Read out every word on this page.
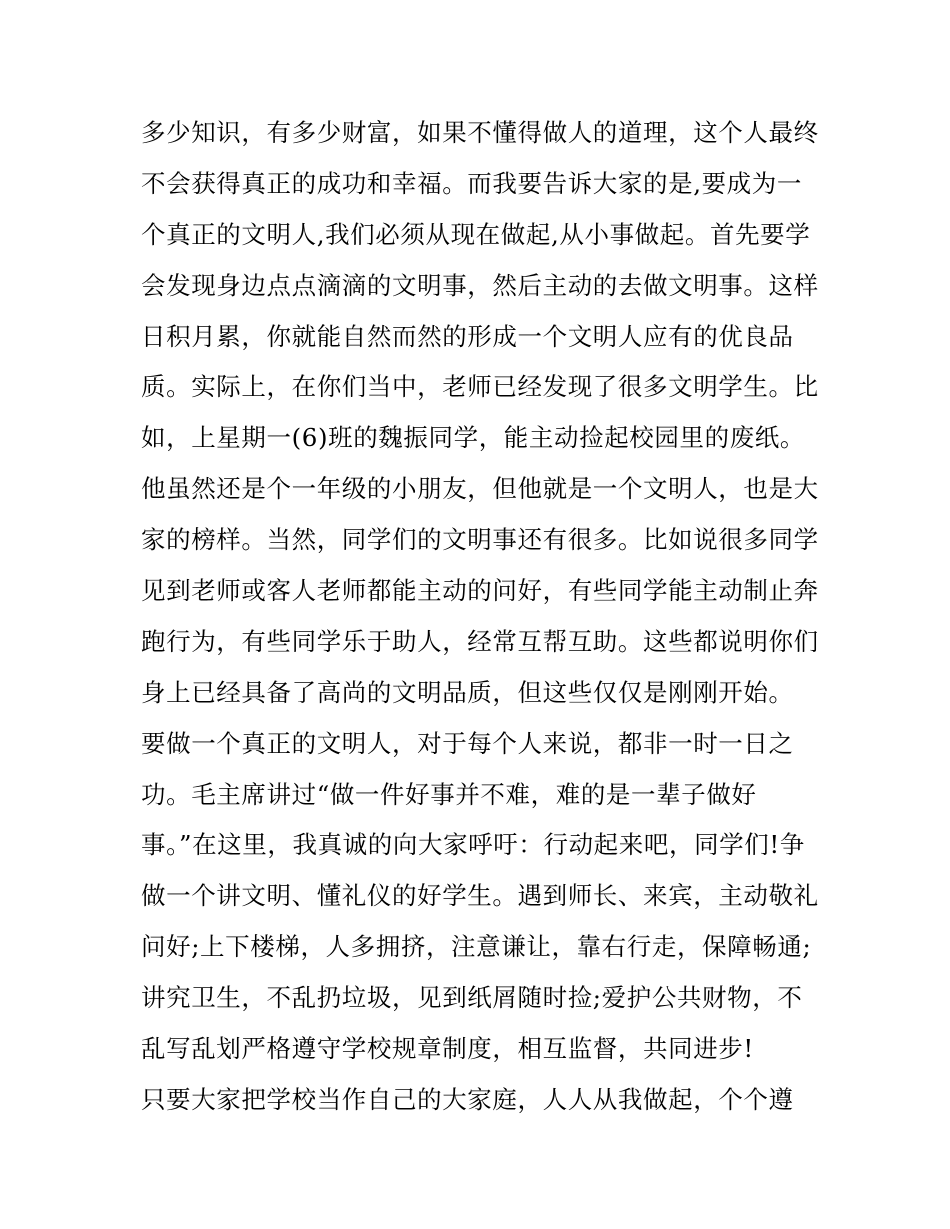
多少知识，有多少财富，如果不懂得做人的道理，这个人最终
不会获得真正的成功和幸福。而我要告诉大家的是,要成为一
个真正的文明人,我们必须从现在做起,从小事做起。首先要学
会发现身边点点滴滴的文明事，然后主动的去做文明事。这样
日积月累，你就能自然而然的形成一个文明人应有的优良品
质。实际上，在你们当中，老师已经发现了很多文明学生。比
如，上星期一(6)班的魏振同学，能主动捡起校园里的废纸。
他虽然还是个一年级的小朋友，但他就是一个文明人，也是大
家的榜样。当然，同学们的文明事还有很多。比如说很多同学
见到老师或客人老师都能主动的问好，有些同学能主动制止奔
跑行为，有些同学乐于助人，经常互帮互助。这些都说明你们
身上已经具备了高尚的文明品质，但这些仅仅是刚刚开始。
要做一个真正的文明人，对于每个人来说，都非一时一日之
功。毛主席讲过“做一件好事并不难，难的是一辈子做好
事。”在这里，我真诚的向大家呼吁：行动起来吧，同学们!争
做一个讲文明、懂礼仪的好学生。遇到师长、来宾，主动敬礼
问好;上下楼梯，人多拥挤，注意谦让，靠右行走，保障畅通;
讲究卫生，不乱扔垃圾，见到纸屑随时捡;爱护公共财物，不
乱写乱划严格遵守学校规章制度，相互监督，共同进步!
只要大家把学校当作自己的大家庭，人人从我做起，个个遵
